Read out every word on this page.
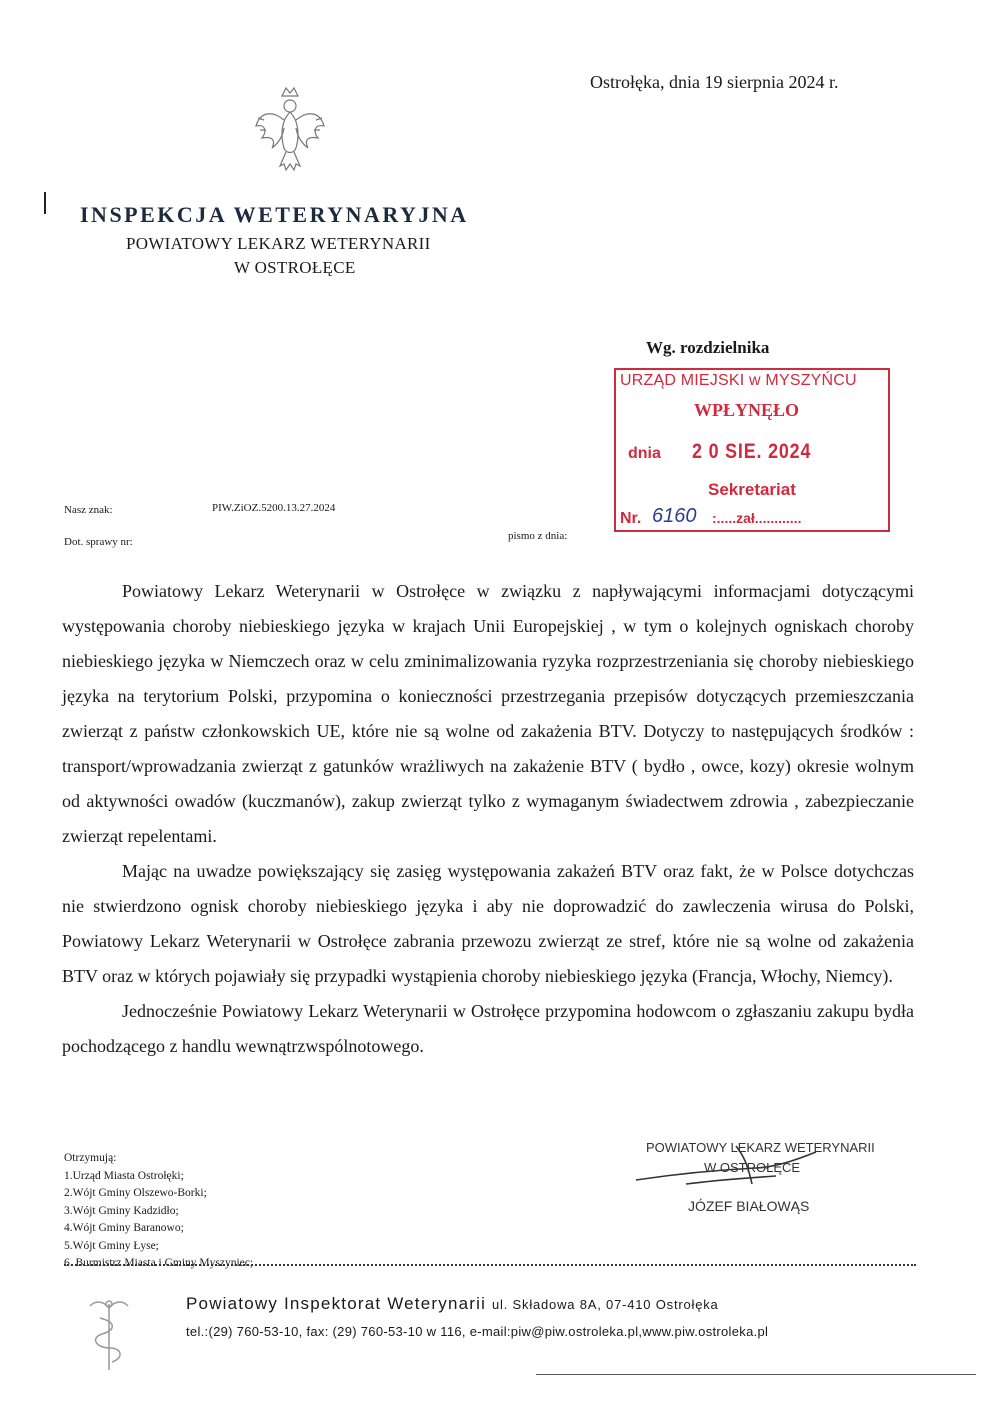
Ostrołęka, dnia 19 sierpnia 2024 r.
INSPEKCJA WETERYNARYJNA
POWIATOWY LEKARZ WETERYNARII
W OSTROŁĘCE
Wg. rozdzielnika
URZĄD MIEJSKI w MYSZYŃCU
WPŁYNĘŁO
dnia 2 0 SIE. 2024
Sekretariat
Nr. 6160 :.....zał............
Nasz znak:	PIW.ZiOZ.5200.13.27.2024
Dot. sprawy nr:	pismo z dnia:

Powiatowy Lekarz Weterynarii w Ostrołęce w związku z napływającymi informacjami dotyczącymi występowania choroby niebieskiego języka w krajach Unii Europejskiej , w tym o kolejnych ogniskach choroby niebieskiego języka w Niemczech oraz w celu zminimalizowania ryzyka rozprzestrzeniania się choroby niebieskiego języka na terytorium Polski, przypomina o konieczności przestrzegania przepisów dotyczących przemieszczania zwierząt z państw członkowskich UE, które nie są wolne od zakażenia BTV. Dotyczy to następujących środków : transport/wprowadzania zwierząt z gatunków wrażliwych na zakażenie BTV ( bydło , owce, kozy) okresie wolnym od aktywności owadów (kuczmanów), zakup zwierząt tylko z wymaganym świadectwem zdrowia , zabezpieczanie zwierząt repelentami.

Mając na uwadze powiększający się zasięg występowania zakażeń BTV oraz fakt, że w Polsce dotychczas nie stwierdzono ognisk choroby niebieskiego języka i aby nie doprowadzić do zawleczenia wirusa do Polski, Powiatowy Lekarz Weterynarii w Ostrołęce zabrania przewozu zwierząt ze stref, które nie są wolne od zakażenia BTV oraz w których pojawiały się przypadki wystąpienia choroby niebieskiego języka (Francja, Włochy, Niemcy).

Jednocześnie Powiatowy Lekarz Weterynarii w Ostrołęce przypomina hodowcom o zgłaszaniu zakupu bydła pochodzącego z handlu wewnątrzwspólnotowego.

POWIATOWY LEKARZ WETERYNARII
W OSTROŁĘCE
JÓZEF BIAŁOWĄS
Otrzymują:
1.Urząd Miasta Ostrołęki;
2.Wójt Gminy Olszewo-Borki;
3.Wójt Gminy Kadzidło;
4.Wójt Gminy Baranowo;
5.Wójt Gminy Łyse;
6. Burmistrz Miasta i Gminy Myszyniec;
Powiatowy Inspektorat Weterynarii ul. Składowa 8A, 07-410 Ostrołęka
tel.:(29) 760-53-10, fax: (29) 760-53-10 w 116, e-mail:piw@piw.ostroleka.pl,www.piw.ostroleka.pl
